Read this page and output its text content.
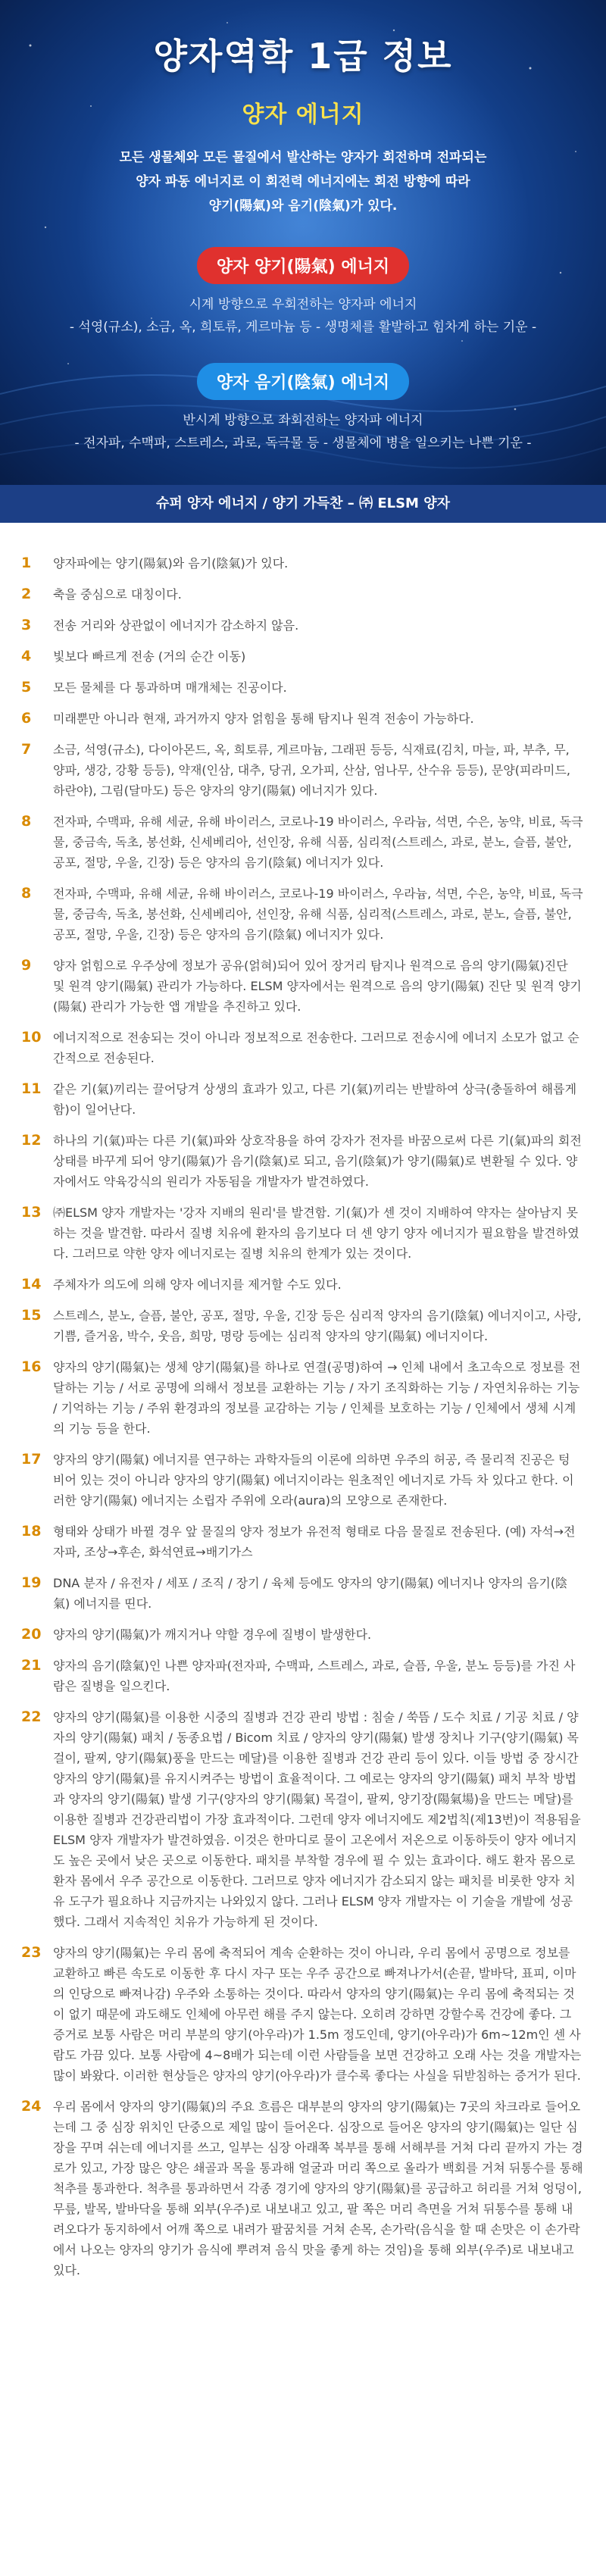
양자역학 1급 정보
양자 에너지

모든 생물체와 모든 물질에서 발산하는 양자가 회전하며 전파되는

양자 파동 에너지로 이 회전력 에너지에는 회전 방향에 따라

양기(陽氣)와 음기(陰氣)가 있다.

양자 양기(陽氣) 에너지

시계 방향으로 우회전하는 양자파 에너지
- 석영(규소), 소금, 옥, 희토류, 게르마늄 등 - 생명체를 활발하고 힘차게 하는 기운 -

양자 음기(陰氣) 에너지

반시계 방향으로 좌회전하는 양자파 에너지
- 전자파, 수맥파, 스트레스, 과로, 독극물 등 - 생물체에 병을 일으키는 나쁜 기운 -

슈퍼 양자 에너지 / 양기 가득찬 – ㈜ ELSM 양자
1	양자파에는 양기(陽氣)와 음기(陰氣)가 있다.
2	축을 중심으로 대칭이다.
3	전송 거리와 상관없이 에너지가 감소하지 않음.
4	빛보다 빠르게 전송 (거의 순간 이동)
5	모든 물체를 다 통과하며 매개체는 진공이다.
6	미래뿐만 아니라 현재, 과거까지 양자 얽힘을 통해 탐지나 원격 전송이 가능하다.
7	소금, 석영(규소), 다이아몬드, 옥, 희토류, 게르마늄, 그래핀 등등, 식재료(김치, 마늘, 파, 부추, 무, 양파, 생강, 강황 등등), 약재(인삼, 대추, 당귀, 오가피, 산삼, 엄나무, 산수유 등등), 문양(피라미드, 하란야), 그림(달마도) 등은 양자의 양기(陽氣) 에너지가 있다.
8	전자파, 수맥파, 유해 세균, 유해 바이러스, 코로나-19 바이러스, 우라늄, 석면, 수은, 농약, 비료, 독극물, 중금속, 독초, 봉선화, 신세베리아, 선인장, 유해 식품, 심리적(스트레스, 과로, 분노, 슬픔, 불안, 공포, 절망, 우울, 긴장) 등은 양자의 음기(陰氣) 에너지가 있다.
8	전자파, 수맥파, 유해 세균, 유해 바이러스, 코로나-19 바이러스, 우라늄, 석면, 수은, 농약, 비료, 독극물, 중금속, 독초, 봉선화, 신세베리아, 선인장, 유해 식품, 심리적(스트레스, 과로, 분노, 슬픔, 불안, 공포, 절망, 우울, 긴장) 등은 양자의 음기(陰氣) 에너지가 있다.
9	양자 얽힘으로 우주상에 정보가 공유(얽혀)되어 있어 장거리 탐지나 원격으로 음의 양기(陽氣)진단 및 원격 양기(陽氣) 관리가 가능하다. ELSM 양자에서는 원격으로 음의 양기(陽氣) 진단 및 원격 양기(陽氣) 관리가 가능한 앱 개발을 추진하고 있다.
10 에너지적으로 전송되는 것이 아니라 정보적으로 전송한다. 그러므로 전송시에 에너지 소모가 없고 순간적으로 전송된다.
11 같은 기(氣)끼리는 끌어당겨 상생의 효과가 있고, 다른 기(氣)끼리는 반발하여 상극(충돌하여 해롭게 함)이 일어난다.
12 하나의 기(氣)파는 다른 기(氣)파와 상호작용을 하여 강자가 전자를 바꿈으로써 다른 기(氣)파의 회전 상태를 바꾸게 되어 양기(陽氣)가 음기(陰氣)로 되고, 음기(陰氣)가 양기(陽氣)로 변환될 수 있다. 양자에서도 약육강식의 원리가 자동됨을 개발자가 발견하였다.
13 ㈜ELSM 양자 개발자는 '강자 지배의 원리'를 발견함. 기(氣)가 센 것이 지배하여 약자는 살아남지 못하는 것을 발견함. 따라서 질병 치유에 환자의 음기보다 더 센 양기 양자 에너지가 필요함을 발견하였다. 그러므로 약한 양자 에너지로는 질병 치유의 한계가 있는 것이다.
14 주체자가 의도에 의해 양자 에너지를 제거할 수도 있다.
15 스트레스, 분노, 슬픔, 불안, 공포, 절망, 우울, 긴장 등은 심리적 양자의 음기(陰氣) 에너지이고, 사랑, 기쁨, 즐거움, 박수, 웃음, 희망, 명랑 등에는 심리적 양자의 양기(陽氣) 에너지이다.
16 양자의 양기(陽氣)는 생체 양기(陽氣)를 하나로 연결(공명)하여 → 인체 내에서 초고속으로 정보를 전달하는 기능 / 서로 공명에 의해서 정보를 교환하는 기능 / 자기 조직화하는 기능 / 자연치유하는 기능 / 기억하는 기능 / 주위 환경과의 정보를 교감하는 기능 / 인체를 보호하는 기능 / 인체에서 생체 시계의 기능 등을 한다.
17 양자의 양기(陽氣) 에너지를 연구하는 과학자들의 이론에 의하면 우주의 허공, 즉 물리적 진공은 텅 비어 있는 것이 아니라 양자의 양기(陽氣) 에너지이라는 원초적인 에너지로 가득 차 있다고 한다. 이러한 양기(陽氣) 에너지는 소립자 주위에 오라(aura)의 모양으로 존재한다.
18 형태와 상태가 바뀔 경우 앞 물질의 양자 정보가 유전적 형태로 다음 물질로 전송된다. (예) 자석→전자파, 조상→후손, 화석연료→배기가스
19 DNA 분자 / 유전자 / 세포 / 조직 / 장기 / 육체 등에도 양자의 양기(陽氣) 에너지나 양자의 음기(陰氣) 에너지를 띤다.
20 양자의 양기(陽氣)가 깨지거나 약할 경우에 질병이 발생한다.
21 양자의 음기(陰氣)인 나쁜 양자파(전자파, 수맥파, 스트레스, 과로, 슬픔, 우울, 분노 등등)를 가진 사람은 질병을 일으킨다.
22 양자의 양기(陽氣)를 이용한 시중의 질병과 건강 관리 방법 : 침술 / 쑥뜸 / 도수 치료 / 기공 치료 / 양자의 양기(陽氣) 패치 / 동종요법 / Bicom 치료 / 양자의 양기(陽氣) 발생 장치나 기구(양기(陽氣) 목걸이, 팔찌, 양기(陽氣)풍을 만드는 메달)를 이용한 질병과 건강 관리 등이 있다. 이들 방법 중 장시간 양자의 양기(陽氣)를 유지시켜주는 방법이 효율적이다. 그 예로는 양자의 양기(陽氣) 패치 부착 방법과 양자의 양기(陽氣) 발생 기구(양자의 양기(陽氣) 목걸이, 팔찌, 양기장(陽氣場)을 만드는 메달)를 이용한 질병과 건강관리법이 가장 효과적이다. 그런데 양자 에너지에도 제2법칙(제13번)이 적용됨을 ELSM 양자 개발자가 발견하였음. 이것은 한마디로 물이 고온에서 저온으로 이동하듯이 양자 에너지도 높은 곳에서 낮은 곳으로 이동한다. 패치를 부착할 경우에 필 수 있는 효과이다. 해도 환자 몸으로 환자 몸에서 우주 공간으로 이동한다. 그러므로 양자 에너지가 감소되지 않는 패치를 비롯한 양자 치유 도구가 필요하나 지금까지는 나와있지 않다. 그러나 ELSM 양자 개발자는 이 기술을 개발에 성공했다. 그래서 지속적인 치유가 가능하게 된 것이다.
23 양자의 양기(陽氣)는 우리 몸에 축적되어 계속 순환하는 것이 아니라, 우리 몸에서 공명으로 정보를 교환하고 빠른 속도로 이동한 후 다시 자구 또는 우주 공간으로 빠져나가서(손끝, 발바닥, 표피, 이마의 인당으로 빠져나감) 우주와 소통하는 것이다. 따라서 양자의 양기(陽氣)는 우리 몸에 축적되는 것이 없기 때문에 과도해도 인체에 아무런 해를 주지 않는다. 오히려 강하면 강할수록 건강에 좋다. 그 증거로 보통 사람은 머리 부분의 양기(아우라)가 1.5m 정도인데, 양기(아우라)가 6m~12m인 센 사람도 가끔 있다. 보통 사람에 4~8배가 되는데 이런 사람들을 보면 건강하고 오래 사는 것을 개발자는 많이 봐왔다. 이러한 현상들은 양자의 양기(아우라)가 클수록 좋다는 사실을 뒤받침하는 증거가 된다.
24 우리 몸에서 양자의 양기(陽氣)의 주요 흐름은 대부분의 양자의 양기(陽氣)는 7곳의 차크라로 들어오는데 그 중 심장 위치인 단중으로 제일 많이 들어온다. 심장으로 들어온 양자의 양기(陽氣)는 일단 심장을 꾸며 쉬는데 에너지를 쓰고, 일부는 심장 아래쪽 복부를 통해 서해부를 거쳐 다리 끝까지 가는 경로가 있고, 가장 많은 양은 쇄골과 목을 통과해 얼굴과 머리 쪽으로 올라가 백회를 거쳐 뒤통수를 통해 척추를 통과한다. 척추를 통과하면서 각종 경기에 양자의 양기(陽氣)를 공급하고 허리를 거쳐 엉덩이, 무릎, 발목, 발바닥을 통해 외부(우주)로 내보내고 있고, 팔 쪽은 머리 측면을 거쳐 뒤통수를 통해 내려오다가 동지하에서 어깨 쪽으로 내려가 팔꿈치를 거쳐 손목, 손가락(음식을 할 때 손맛은 이 손가락에서 나오는 양자의 양기가 음식에 뿌려져 음식 맛을 좋게 하는 것임)을 통해 외부(우주)로 내보내고 있다.
